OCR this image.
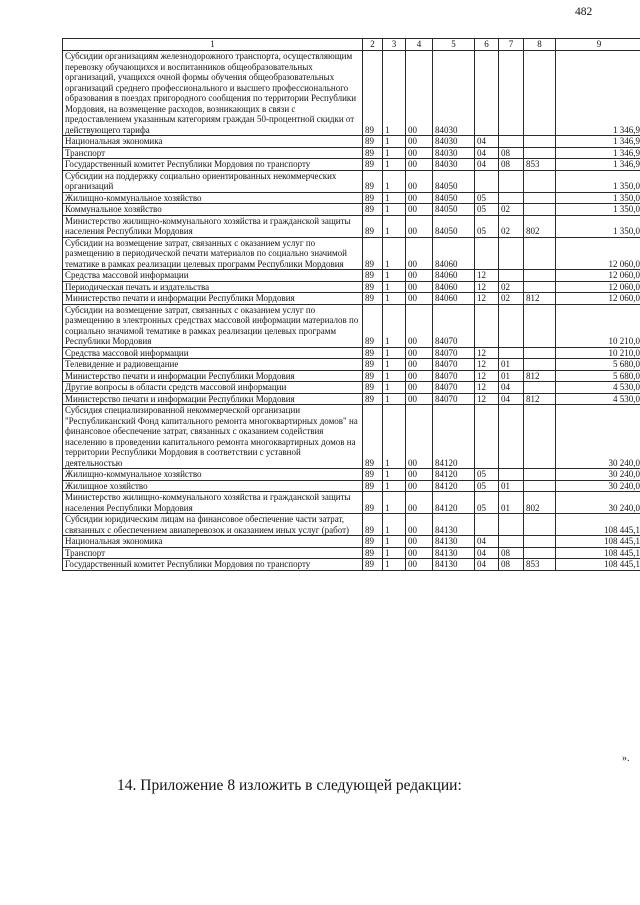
482
1	2	3	4	5	6	7	8	9
Субсидии организациям железнодорожного транспорта, осуществляющим перевозку обучающихся и воспитанников общеобразовательных организаций, учащихся очной формы обучения общеобразовательных организаций среднего профессионального и высшего профессионального образования в поездах пригородного сообщения по территории Республики Мордовия, на возмещение расходов, возникающих в связи с предоставлением указанным категориям граждан 50-процентной скидки от действующего тарифа	89	1	00	84030				1 346,9
Национальная экономика	89	1	00	84030	04			1 346,9
Транспорт	89	1	00	84030	04	08		1 346,9
Государственный комитет Республики Мордовия по транспорту	89	1	00	84030	04	08	853	1 346,9
Субсидии на поддержку социально ориентированных некоммерческих организаций	89	1	00	84050				1 350,0
Жилищно-коммунальное хозяйство	89	1	00	84050	05			1 350,0
Коммунальное хозяйство	89	1	00	84050	05	02		1 350,0
Министерство жилищно-коммунального хозяйства и гражданской защиты населения Республики Мордовия	89	1	00	84050	05	02	802	1 350,0
Субсидии на возмещение затрат, связанных с оказанием услуг по размещению в периодической печати материалов по социально значимой тематике в рамках реализации целевых программ Республики Мордовия	89	1	00	84060				12 060,0
Средства массовой информации	89	1	00	84060	12			12 060,0
Периодическая печать и издательства	89	1	00	84060	12	02		12 060,0
Министерство печати и информации Республики Мордовия	89	1	00	84060	12	02	812	12 060,0
Субсидии на возмещение затрат, связанных с оказанием услуг по размещению в электронных средствах массовой информации материалов по социально значимой тематике в рамках реализации целевых программ Республики Мордовия	89	1	00	84070				10 210,0
Средства массовой информации	89	1	00	84070	12			10 210,0
Телевидение и радиовещание	89	1	00	84070	12	01		5 680,0
Министерство печати и информации Республики Мордовия	89	1	00	84070	12	01	812	5 680,0
Другие вопросы в области средств массовой информации	89	1	00	84070	12	04		4 530,0
Министерство печати и информации Республики Мордовия	89	1	00	84070	12	04	812	4 530,0
Субсидия специализированной некоммерческой организации "Республиканский Фонд капитального ремонта многоквартирных домов" на финансовое обеспечение затрат, связанных с оказанием содействия населению в проведении капитального ремонта многоквартирных домов на территории Республики Мордовия в соответствии с уставной деятельностью	89	1	00	84120				30 240,0
Жилищно-коммунальное хозяйство	89	1	00	84120	05			30 240,0
Жилищное хозяйство	89	1	00	84120	05	01		30 240,0
Министерство жилищно-коммунального хозяйства и гражданской защиты населения Республики Мордовия	89	1	00	84120	05	01	802	30 240,0
Субсидии юридическим лицам на финансовое обеспечение части затрат, связанных с обеспечением авиаперевозок и оказанием иных услуг (работ)	89	1	00	84130				108 445,1
Национальная экономика	89	1	00	84130	04			108 445,1
Транспорт	89	1	00	84130	04	08		108 445,1
Государственный комитет Республики Мордовия по транспорту	89	1	00	84130	04	08	853	108 445,1
».
14. Приложение 8 изложить в следующей редакции:
